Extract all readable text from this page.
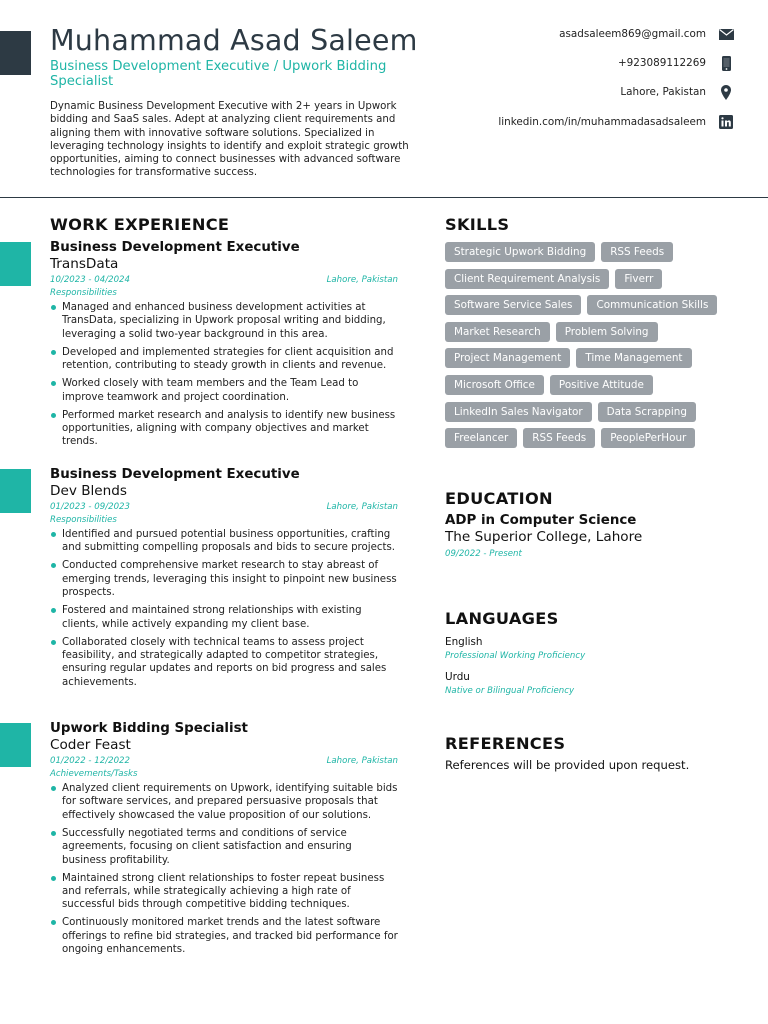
Muhammad Asad Saleem
Business Development Executive / Upwork Bidding Specialist
Dynamic Business Development Executive with 2+ years in Upwork bidding and SaaS sales. Adept at analyzing client requirements and aligning them with innovative software solutions. Specialized in leveraging technology insights to identify and exploit strategic growth opportunities, aiming to connect businesses with advanced software technologies for transformative success.
asadsaleem869@gmail.com
+923089112269
Lahore, Pakistan
linkedin.com/in/muhammadasadsaleem
WORK EXPERIENCE
Business Development Executive
TransData
10/2023 - 04/2024	Lahore, Pakistan
Responsibilities
Managed and enhanced business development activities at TransData, specializing in Upwork proposal writing and bidding, leveraging a solid two-year background in this area.
Developed and implemented strategies for client acquisition and retention, contributing to steady growth in clients and revenue.
Worked closely with team members and the Team Lead to improve teamwork and project coordination.
Performed market research and analysis to identify new business opportunities, aligning with company objectives and market trends.
Business Development Executive
Dev Blends
01/2023 - 09/2023	Lahore, Pakistan
Responsibilities
Identified and pursued potential business opportunities, crafting and submitting compelling proposals and bids to secure projects.
Conducted comprehensive market research to stay abreast of emerging trends, leveraging this insight to pinpoint new business prospects.
Fostered and maintained strong relationships with existing clients, while actively expanding my client base.
Collaborated closely with technical teams to assess project feasibility, and strategically adapted to competitor strategies, ensuring regular updates and reports on bid progress and sales achievements.
Upwork Bidding Specialist
Coder Feast
01/2022 - 12/2022	Lahore, Pakistan
Achievements/Tasks
Analyzed client requirements on Upwork, identifying suitable bids for software services, and prepared persuasive proposals that effectively showcased the value proposition of our solutions.
Successfully negotiated terms and conditions of service agreements, focusing on client satisfaction and ensuring business profitability.
Maintained strong client relationships to foster repeat business and referrals, while strategically achieving a high rate of successful bids through competitive bidding techniques.
Continuously monitored market trends and the latest software offerings to refine bid strategies, and tracked bid performance for ongoing enhancements.
SKILLS
Strategic Upwork Bidding	RSS Feeds
Client Requirement Analysis	Fiverr
Software Service Sales	Communication Skills
Market Research	Problem Solving
Project Management	Time Management
Microsoft Office	Positive Attitude
LinkedIn Sales Navigator	Data Scrapping
Freelancer	RSS Feeds	PeoplePerHour
EDUCATION
ADP in Computer Science
The Superior College, Lahore
09/2022 - Present
LANGUAGES
English
Professional Working Proficiency
Urdu
Native or Bilingual Proficiency
REFERENCES
References will be provided upon request.
